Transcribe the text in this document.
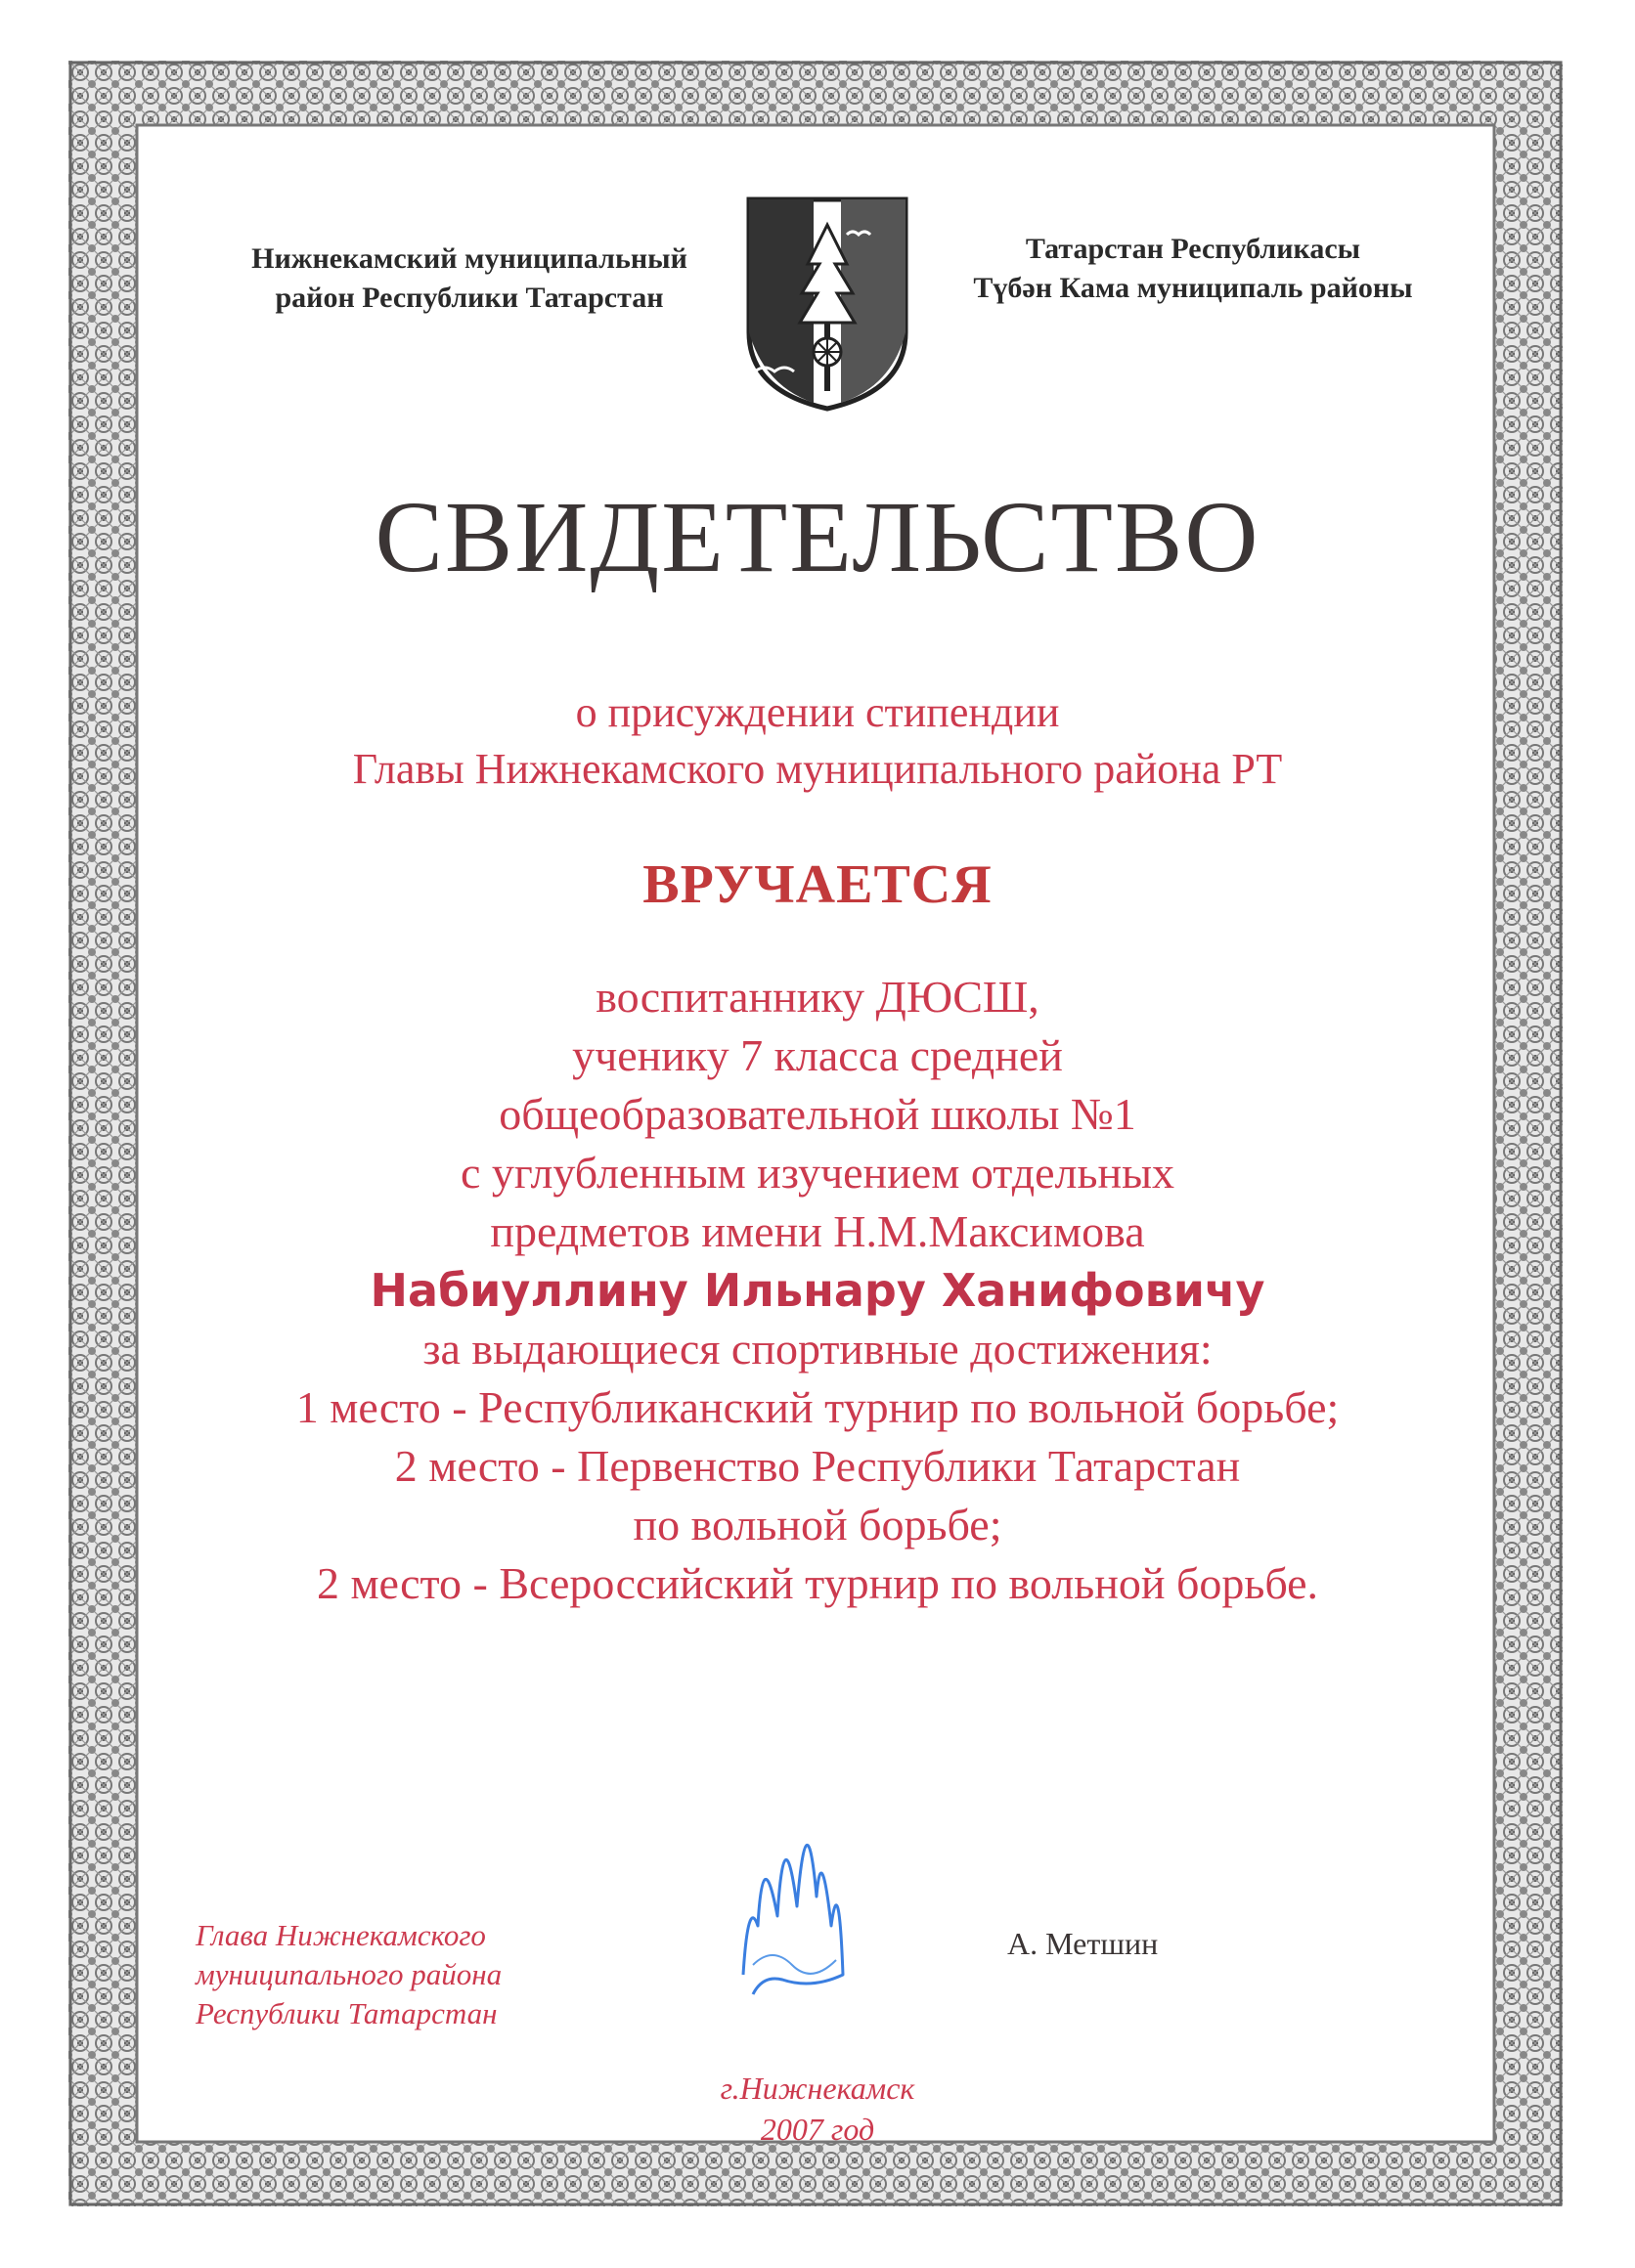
Нижнекамский муниципальный
район Республики Татарстан
Татарстан Республикасы
Түбән Кама муниципаль районы
СВИДЕТЕЛЬСТВО
о присуждении стипендии
Главы Нижнекамского муниципального района РТ
ВРУЧАЕТСЯ
воспитаннику ДЮСШ,
ученику 7 класса средней
общеобразовательной школы №1
с углубленным изучением отдельных
предметов имени Н.М.Максимова
Набиуллину Ильнару Ханифовичу
за выдающиеся спортивные достижения:
1 место - Республиканский турнир по вольной борьбе;
2 место - Первенство Республики Татарстан
по вольной борьбе;
2 место - Всероссийский турнир по вольной борьбе.
Глава Нижнекамского
муниципального района
Республики Татарстан
А. Метшин
г.Нижнекамск
2007 год
